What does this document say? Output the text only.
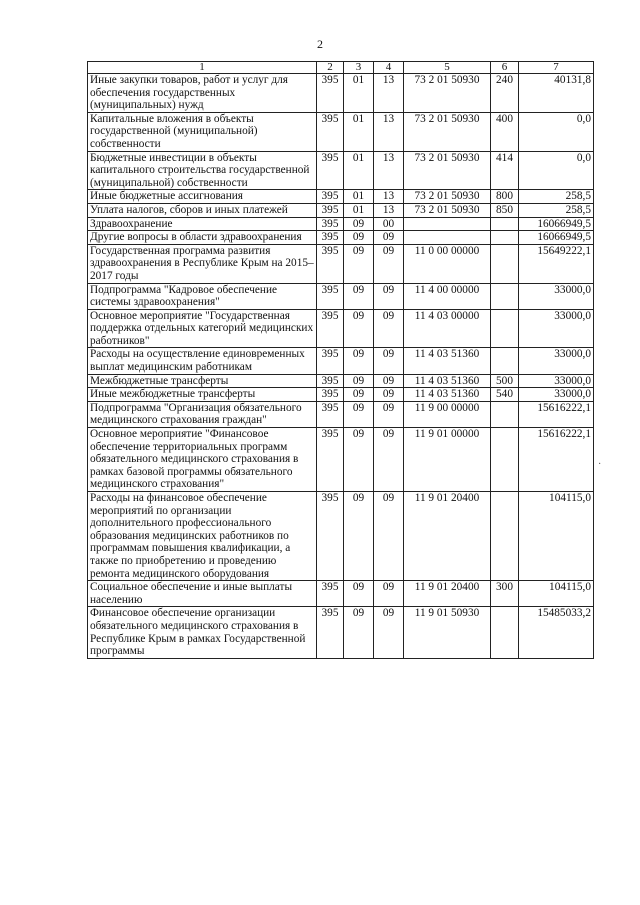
2
1	2	3	4	5	6	7
Иные закупки товаров, работ и услуг для обеспечения государственных (муниципальных) нужд	395	01	13	73 2 01 50930	240	40131,8
Капитальные вложения в объекты государственной (муниципальной) собственности	395	01	13	73 2 01 50930	400	0,0
Бюджетные инвестиции в объекты капитального строительства государственной (муниципальной) собственности	395	01	13	73 2 01 50930	414	0,0
Иные бюджетные ассигнования	395	01	13	73 2 01 50930	800	258,5
Уплата налогов, сборов и иных платежей	395	01	13	73 2 01 50930	850	258,5
Здравоохранение	395	09	00			16066949,5
Другие вопросы в области здравоохранения	395	09	09			16066949,5
Государственная программа развития здравоохранения в Республике Крым на 2015–2017 годы	395	09	09	11 0 00 00000		15649222,1
Подпрограмма "Кадровое обеспечение системы здравоохранения"	395	09	09	11 4 00 00000		33000,0
Основное мероприятие "Государственная поддержка отдельных категорий медицинских работников"	395	09	09	11 4 03 00000		33000,0
Расходы на осуществление единовременных выплат медицинским работникам	395	09	09	11 4 03 51360		33000,0
Межбюджетные трансферты	395	09	09	11 4 03 51360	500	33000,0
Иные межбюджетные трансферты	395	09	09	11 4 03 51360	540	33000,0
Подпрограмма "Организация обязательного медицинского страхования граждан"	395	09	09	11 9 00 00000		15616222,1
Основное мероприятие "Финансовое обеспечение территориальных программ обязательного медицинского страхования в рамках базовой программы обязательного медицинского страхования"	395	09	09	11 9 01 00000		15616222,1
Расходы на финансовое обеспечение мероприятий по организации дополнительного профессионального образования медицинских работников по программам повышения квалификации, а также по приобретению и проведению ремонта медицинского оборудования	395	09	09	11 9 01 20400		104115,0
Социальное обеспечение и иные выплаты населению	395	09	09	11 9 01 20400	300	104115,0
Финансовое обеспечение организации обязательного медицинского страхования в Республике Крым в рамках Государственной программы	395	09	09	11 9 01 50930		15485033,2
·
